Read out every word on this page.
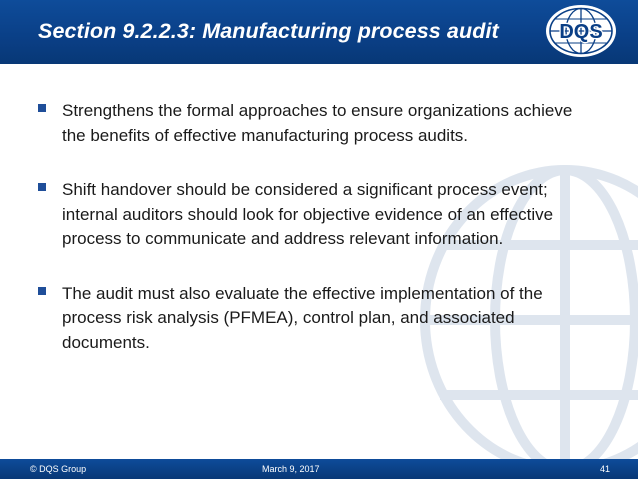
Section 9.2.2.3: Manufacturing process audit	DQS
Strengthens the formal approaches to ensure organizations achieve the benefits of effective manufacturing process audits.
Shift handover should be considered a significant process event; internal auditors should look for objective evidence of an effective process to communicate and address relevant information.
The audit must also evaluate the effective implementation of the process risk analysis (PFMEA), control plan, and associated documents.
© DQS Group	March 9, 2017	41
